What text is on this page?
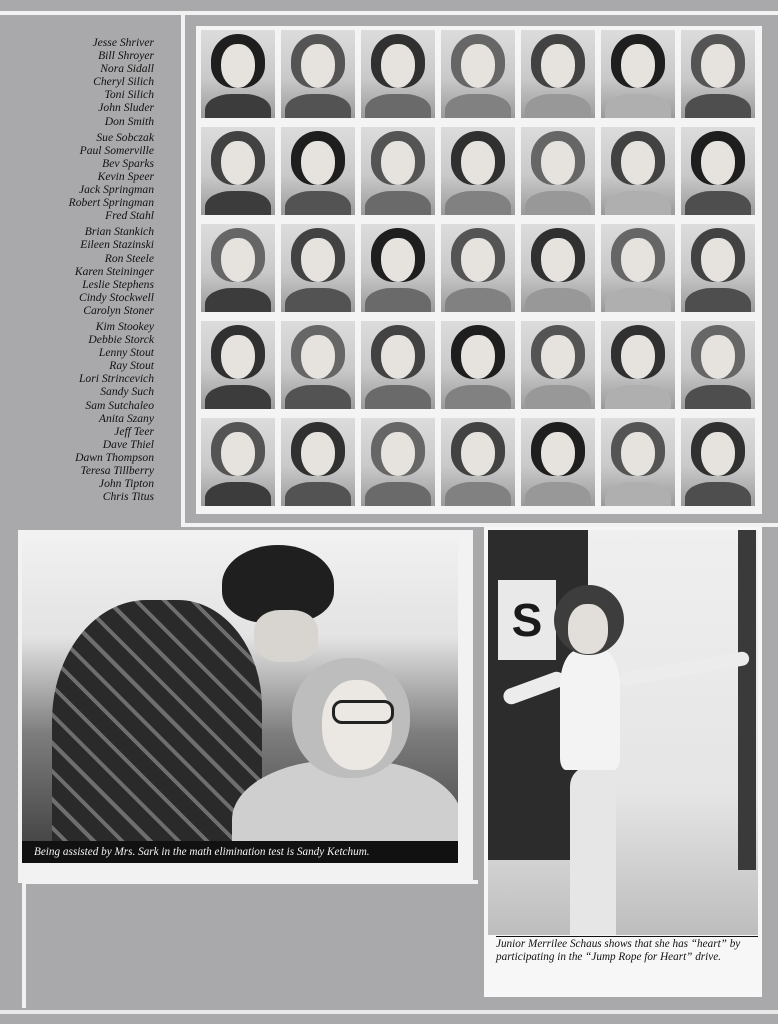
Jesse Shriver
Bill Shroyer
Nora Sidall
Cheryl Silich
Toni Silich
John Sluder
Don Smith
Sue Sobczak
Paul Somerville
Bev Sparks
Kevin Speer
Jack Springman
Robert Springman
Fred Stahl
Brian Stankich
Eileen Stazinski
Ron Steele
Karen Steininger
Leslie Stephens
Cindy Stockwell
Carolyn Stoner
Kim Stookey
Debbie Storck
Lenny Stout
Ray Stout
Lori Strincevich
Sandy Such
Sam Sutchaleo
Anita Szany
Jeff Teer
Dave Thiel
Dawn Thompson
Teresa Tillberry
John Tipton
Chris Titus
Being assisted by Mrs. Sark in the math elimination test is Sandy Ketchum.
S
Junior Merrilee Schaus shows that she has “heart” by participating in the “Jump Rope for Heart” drive.
